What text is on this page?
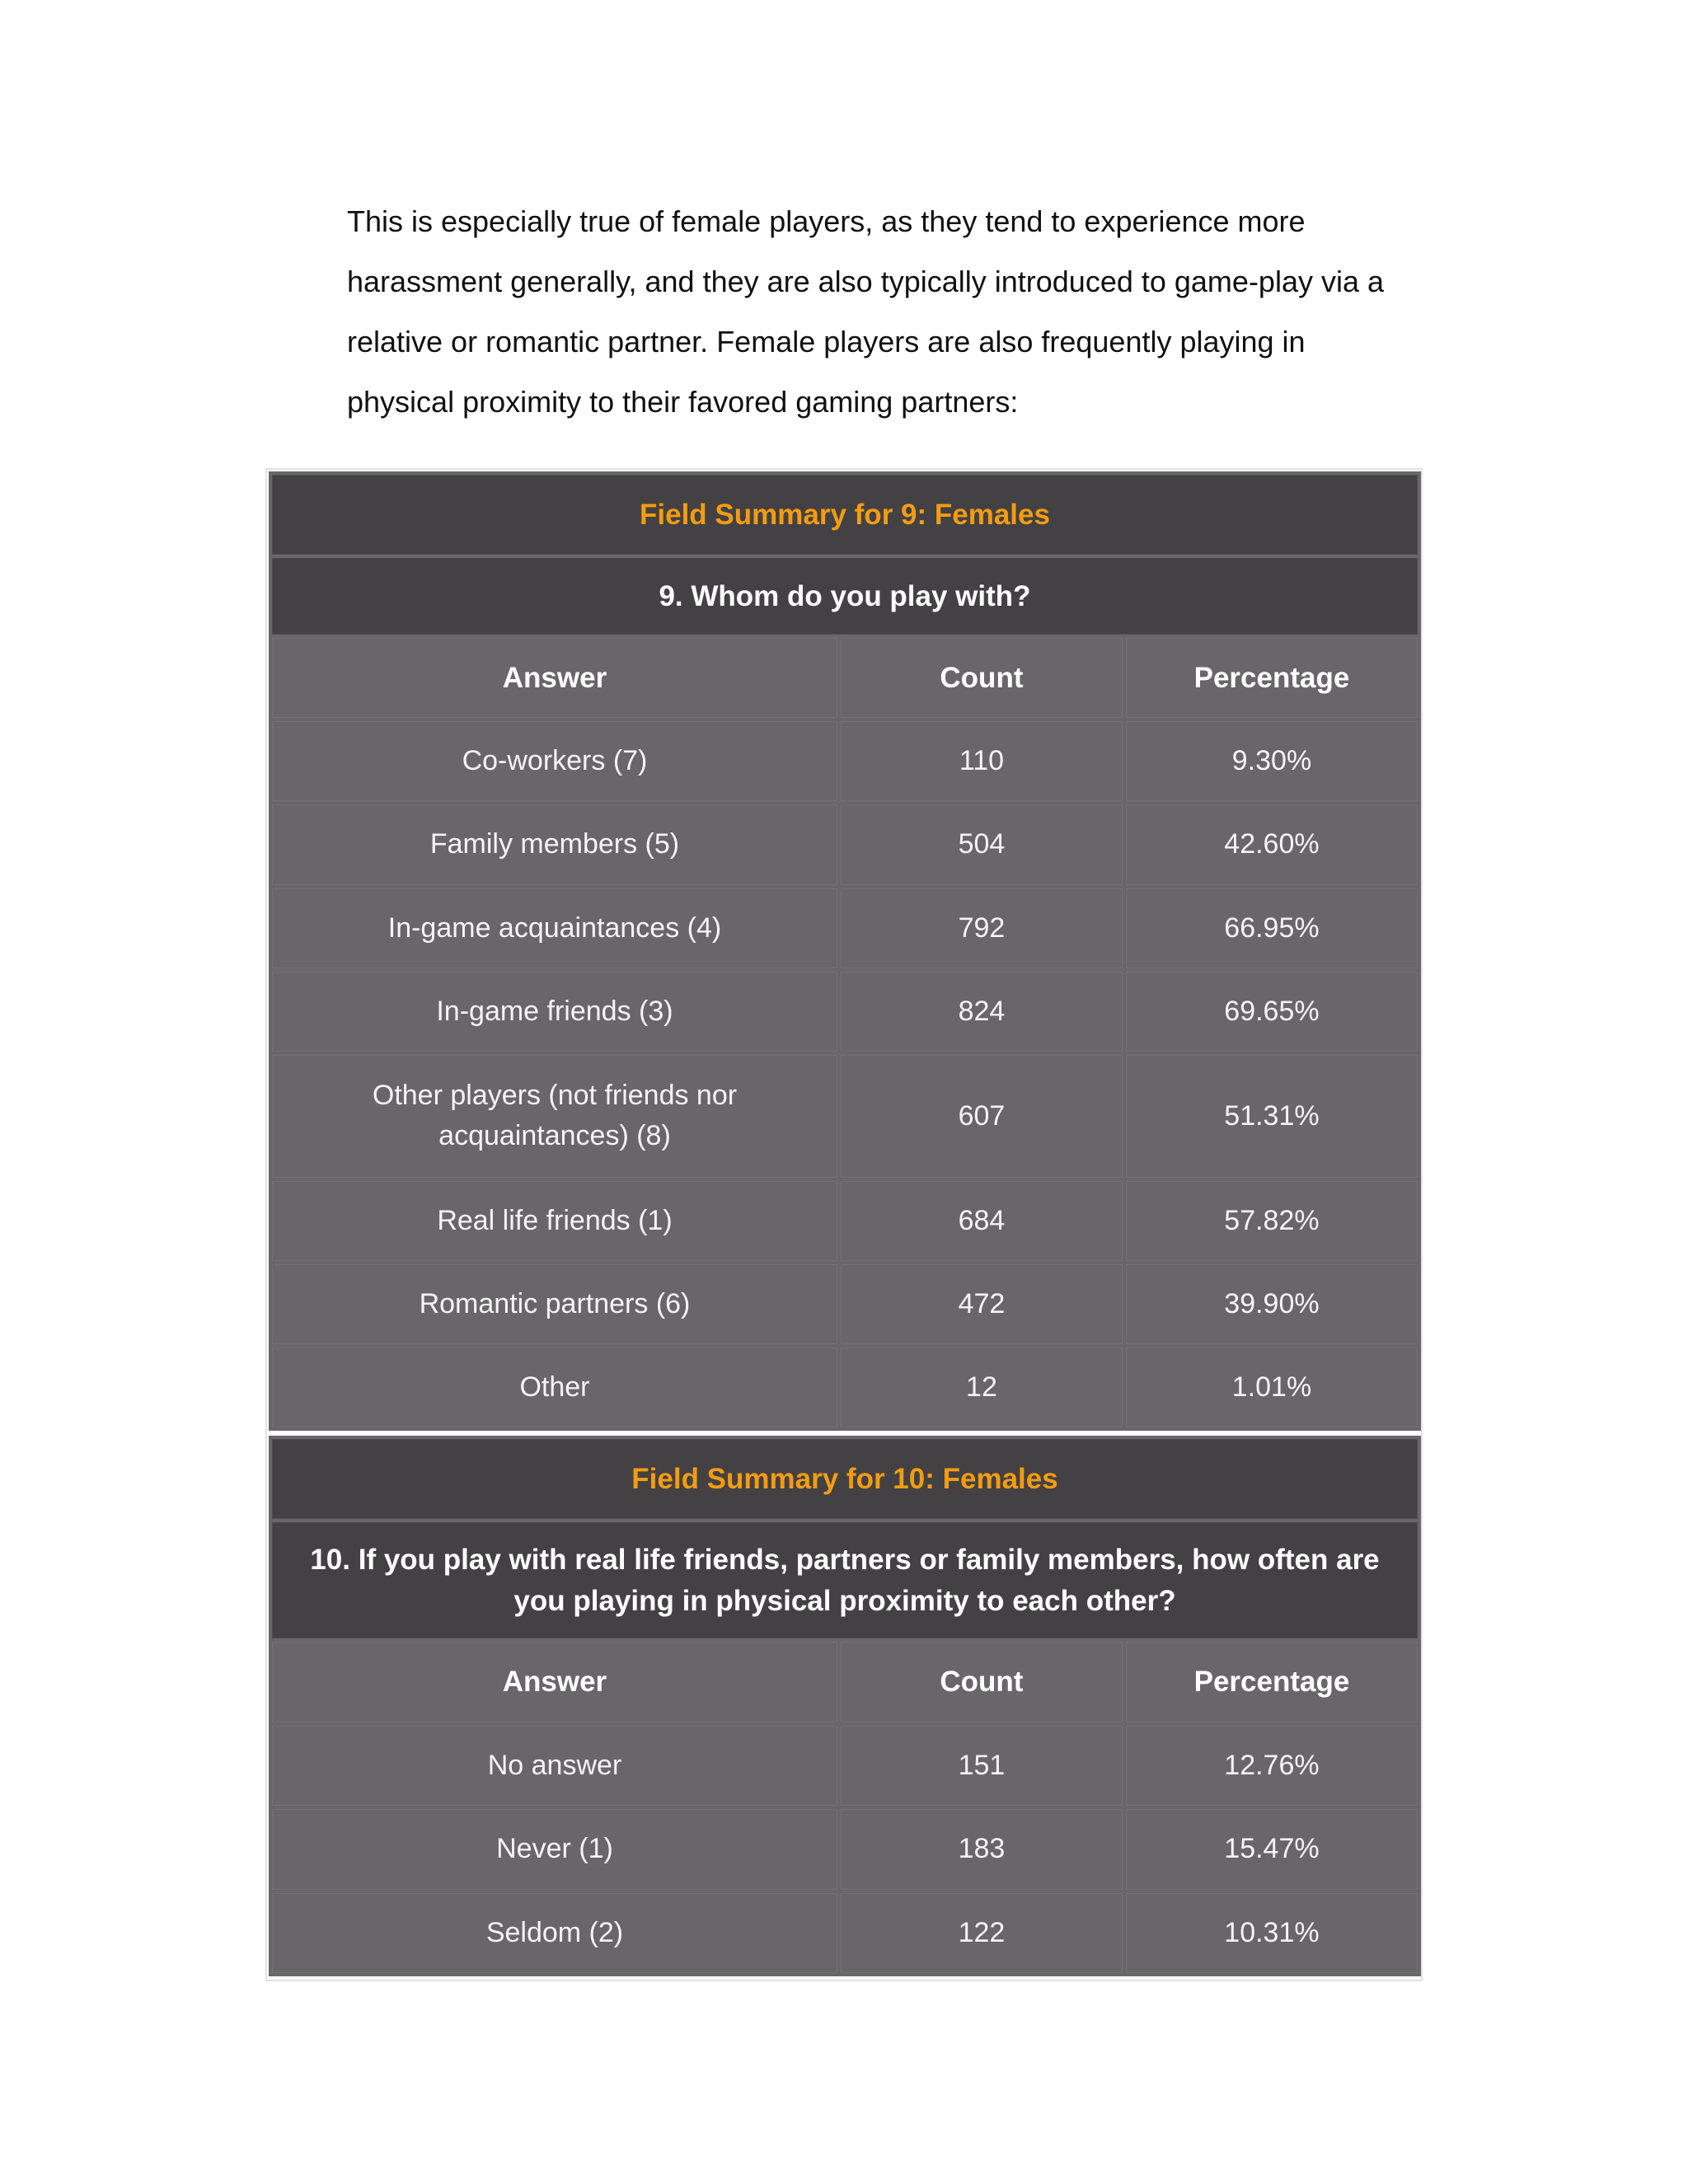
This is especially true of female players, as they tend to experience more
harassment generally, and they are also typically introduced to game-play via a
relative or romantic partner. Female players are also frequently playing in
physical proximity to their favored gaming partners:

Field Summary for 9: Females		
9. Whom do you play with?		
Answer	Count	Percentage
Co-workers (7)	110	9.30%
Family members (5)	504	42.60%
In-game acquaintances (4)	792	66.95%
In-game friends (3)	824	69.65%
Other players (not friends nor acquaintances) (8)	607	51.31%
Real life friends (1)	684	57.82%
Romantic partners (6)	472	39.90%
Other	12	1.01%
Field Summary for 10: Females		
10. If you play with real life friends, partners or family members, how often are you playing in physical proximity to each other?		
Answer	Count	Percentage
No answer	151	12.76%
Never (1)	183	15.47%
Seldom (2)	122	10.31%
